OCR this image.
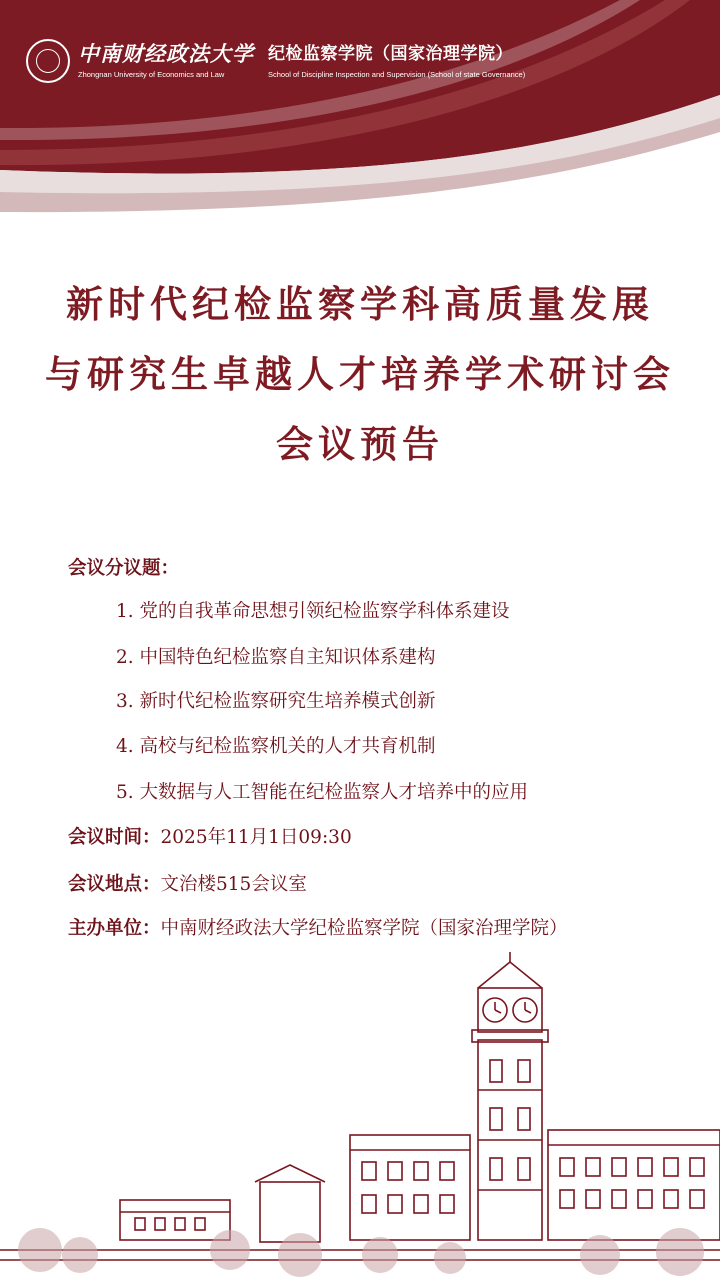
中南财经政法大学
Zhongnan University of Economics and Law
纪检监察学院（国家治理学院）
School of Discipline Inspection and Supervision (School of state Governance)
新时代纪检监察学科高质量发展
与研究生卓越人才培养学术研讨会
会议预告
会议分议题：
1. 党的自我革命思想引领纪检监察学科体系建设
2. 中国特色纪检监察自主知识体系建构
3. 新时代纪检监察研究生培养模式创新
4. 高校与纪检监察机关的人才共育机制
5. 大数据与人工智能在纪检监察人才培养中的应用
会议时间：2025年11月1日09:30
会议地点：文治楼515会议室
主办单位：中南财经政法大学纪检监察学院（国家治理学院）
